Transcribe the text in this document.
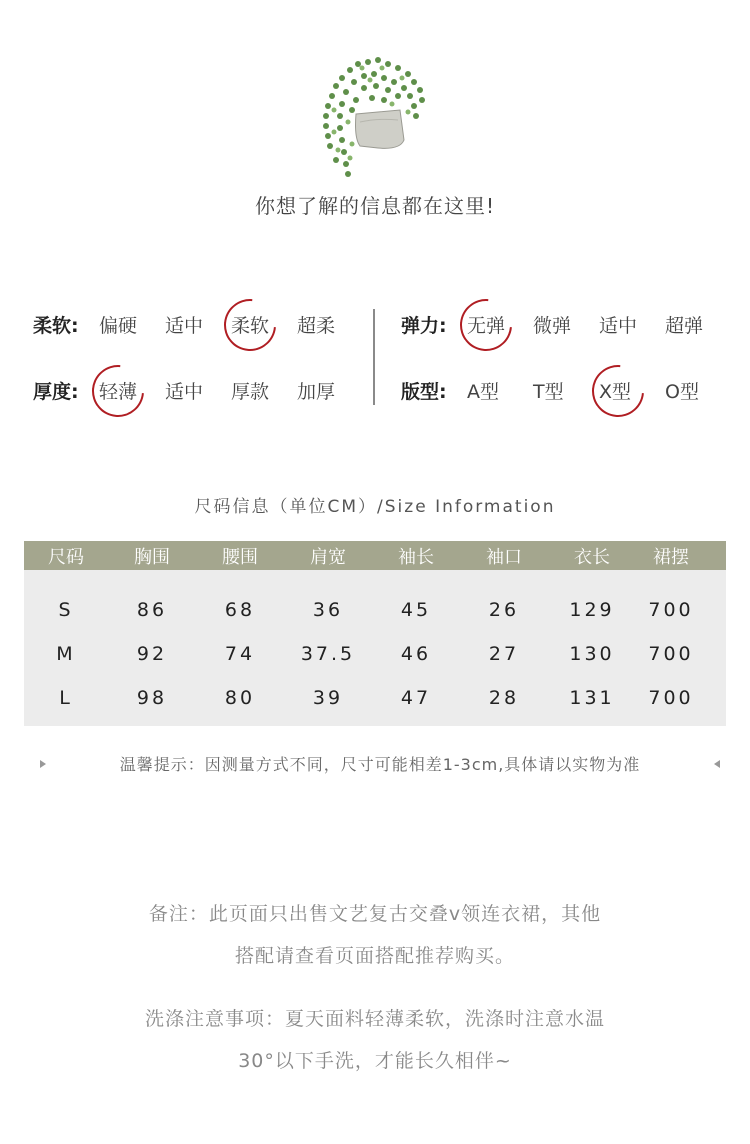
你想了解的信息都在这里!
柔软:	偏硬	适中	柔软	超柔
厚度:	轻薄	适中	厚款	加厚
弹力:	无弹	微弹	适中	超弹
版型:	A型	T型	X型	O型
尺码信息（单位CM）/Size Information
尺码	胸围	腰围	肩宽	袖长	袖口	衣长	裙摆
S	86	68	36	45	26	129	700
M	92	74	37.5	46	27	130	700
L	98	80	39	47	28	131	700
温馨提示：因测量方式不同，尺寸可能相差1-3cm,具体请以实物为准
备注：此页面只出售文艺复古交叠v领连衣裙，其他
搭配请查看页面搭配推荐购买。
洗涤注意事项：夏天面料轻薄柔软，洗涤时注意水温
30°以下手洗，才能长久相伴~
